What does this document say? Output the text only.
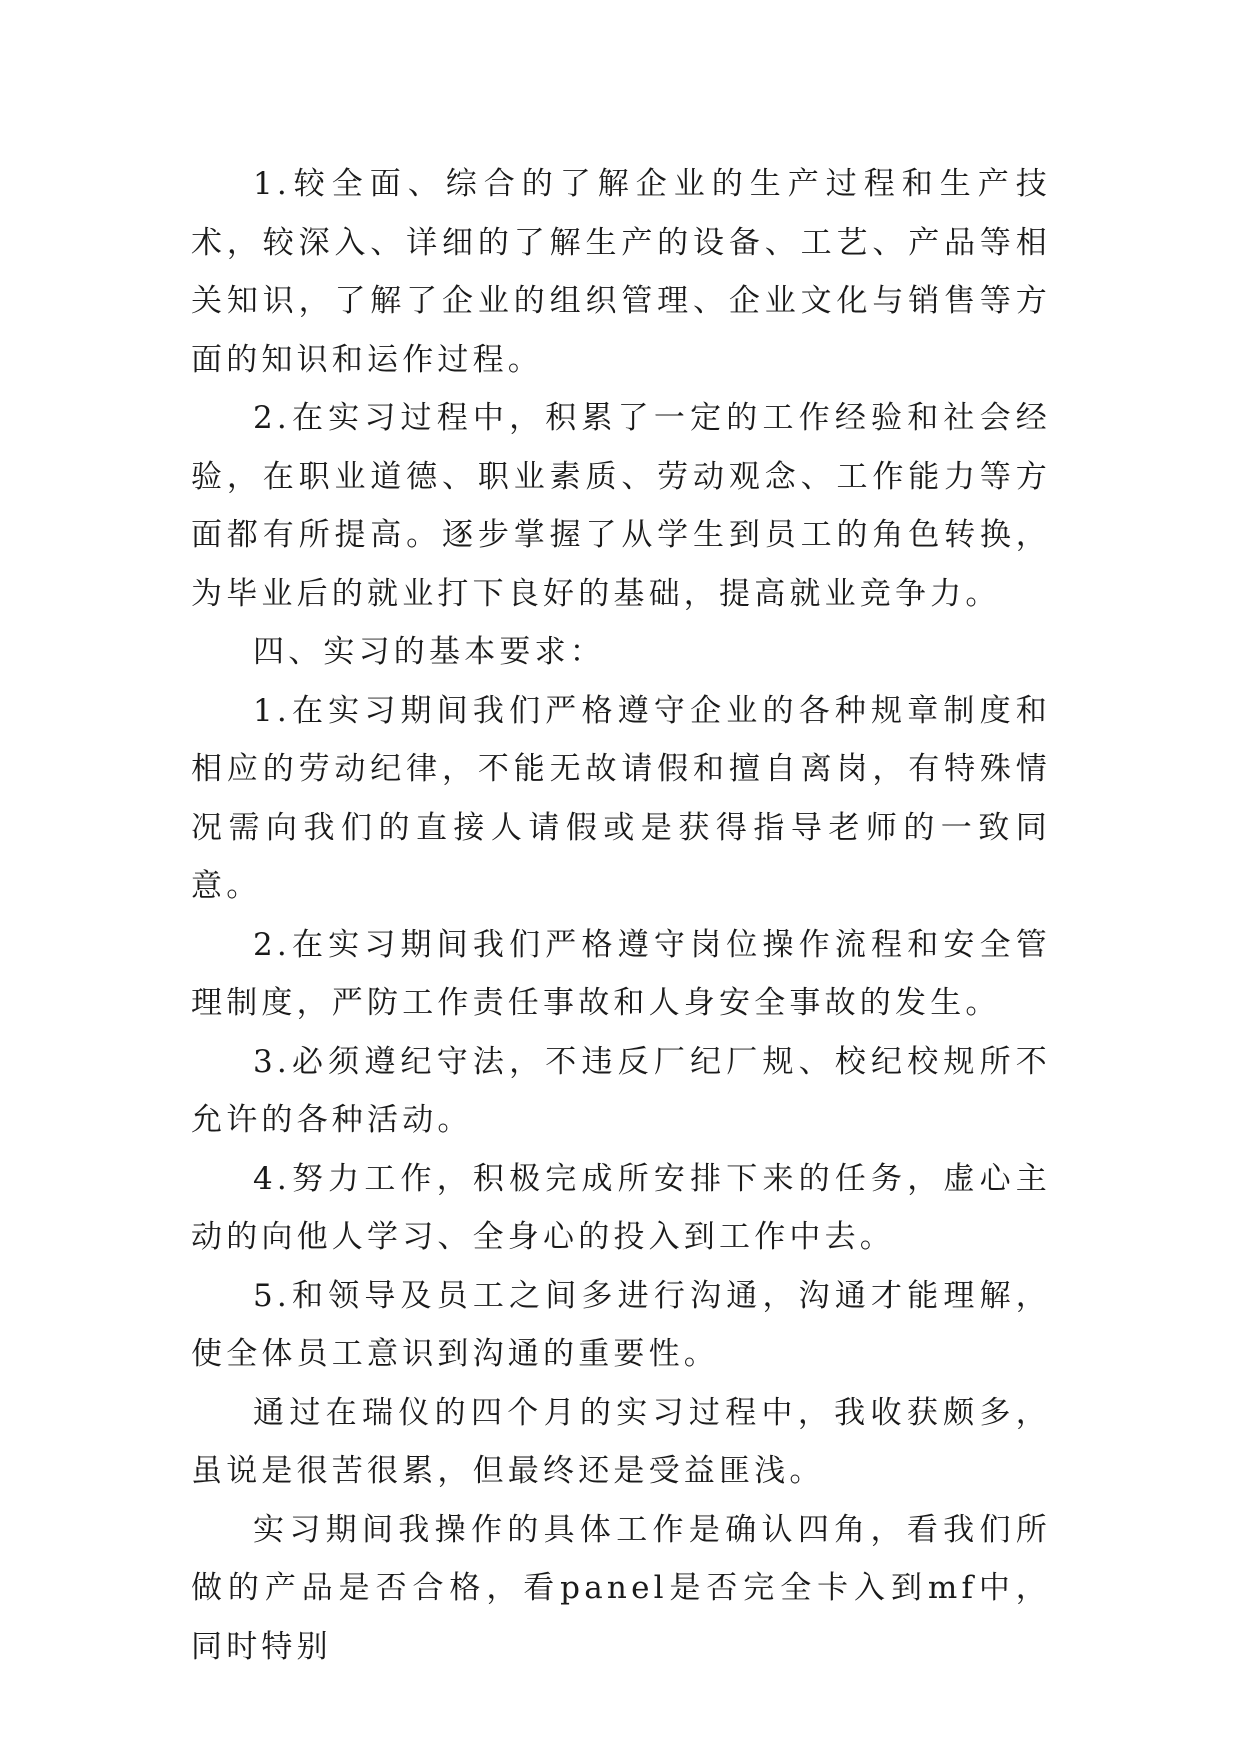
1.较全面、综合的了解企业的生产过程和生产技术，较深入、详细的了解生产的设备、工艺、产品等相关知识，了解了企业的组织管理、企业文化与销售等方面的知识和运作过程。

2.在实习过程中，积累了一定的工作经验和社会经验，在职业道德、职业素质、劳动观念、工作能力等方面都有所提高。逐步掌握了从学生到员工的角色转换，为毕业后的就业打下良好的基础，提高就业竞争力。

四、实习的基本要求：

1.在实习期间我们严格遵守企业的各种规章制度和相应的劳动纪律，不能无故请假和擅自离岗，有特殊情况需向我们的直接人请假或是获得指导老师的一致同意。

2.在实习期间我们严格遵守岗位操作流程和安全管理制度，严防工作责任事故和人身安全事故的发生。

3.必须遵纪守法，不违反厂纪厂规、校纪校规所不允许的各种活动。

4.努力工作，积极完成所安排下来的任务，虚心主动的向他人学习、全身心的投入到工作中去。

5.和领导及员工之间多进行沟通，沟通才能理解，使全体员工意识到沟通的重要性。

通过在瑞仪的四个月的实习过程中，我收获颇多，虽说是很苦很累，但最终还是受益匪浅。

实习期间我操作的具体工作是确认四角，看我们所做的产品是否合格，看panel是否完全卡入到mf中，同时特别
